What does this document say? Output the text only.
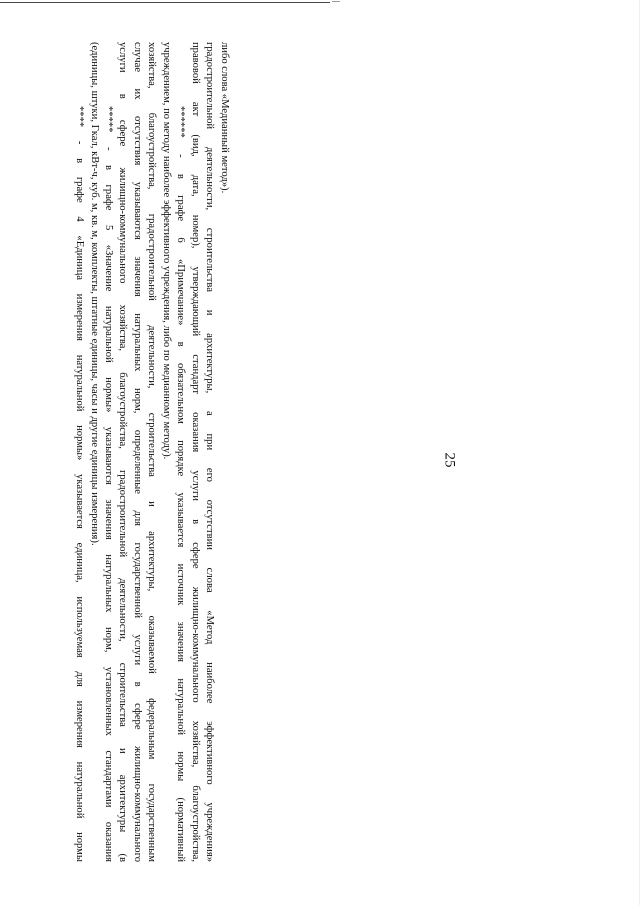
25
**** - в графе 4 «Единица измерения натуральной нормы» указывается единица, используемая для измерения натуральной нормы (единицы, штуки, Гкал, кВт-ч, куб. м, кв. м, комплекты, штатные единицы, часы и другие единицы измерения). ***** - в графе 5 «Значение натуральной нормы» указываются значения натуральных норм, установленных стандартами оказания услуги в сфере жилищно-коммунального хозяйства, благоустройства, градостроительной деятельности, строительства и архитектуры (в случае их отсутствия указываются значения натуральных норм, определенные для государственной услуги в сфере жилищно-коммунального хозяйства, благоустройства, градостроительной деятельности, строительства и архитектуры, оказываемой федеральным государственным учреждением, по методу наиболее эффективного учреждения, либо по медианному методу). ****** - в графе 6 «Примечание» в обязательном порядке указывается источник значения натуральной нормы (нормативный правовой акт (вид, дата, номер), утверждающий стандарт оказания услуги в сфере жилищно-коммунального хозяйства, благоустройства, градостроительной деятельности, строительства и архитектуры, а при его отсутствии слова «Метод наиболее эффективного учреждения» либо слова «Медианный метод»).
